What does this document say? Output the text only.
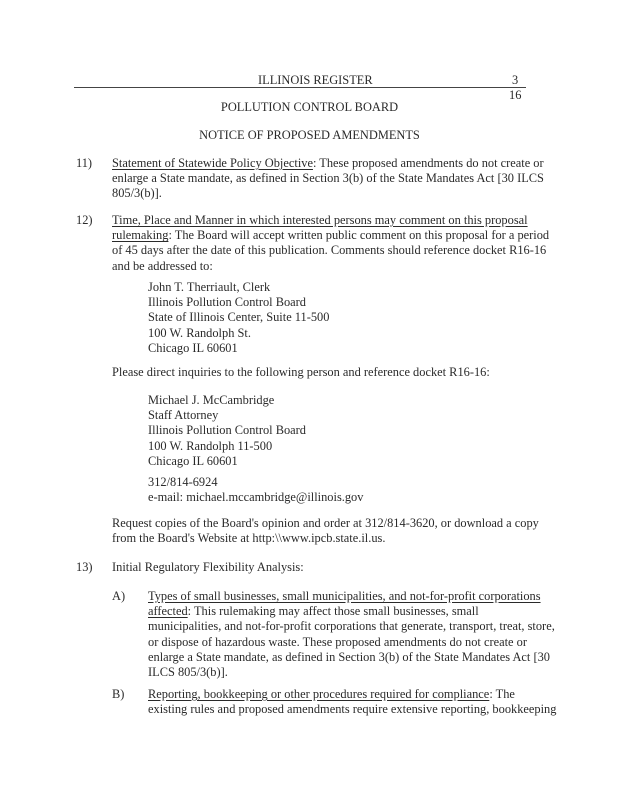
ILLINOIS REGISTER	3
16
POLLUTION CONTROL BOARD
NOTICE OF PROPOSED AMENDMENTS
11) Statement of Statewide Policy Objective: These proposed amendments do not create or
enlarge a State mandate, as defined in Section 3(b) of the State Mandates Act [30 ILCS
805/3(b)].
12) Time, Place and Manner in which interested persons may comment on this proposal
rulemaking: The Board will accept written public comment on this proposal for a period
of 45 days after the date of this publication. Comments should reference docket R16-16
and be addressed to:
John T. Therriault, Clerk
Illinois Pollution Control Board
State of Illinois Center, Suite 11-500
100 W. Randolph St.
Chicago IL 60601
Please direct inquiries to the following person and reference docket R16-16:
Michael J. McCambridge
Staff Attorney
Illinois Pollution Control Board
100 W. Randolph 11-500
Chicago IL 60601
312/814-6924
e-mail: michael.mccambridge@illinois.gov
Request copies of the Board's opinion and order at 312/814-3620, or download a copy
from the Board's Website at http:\\www.ipcb.state.il.us.
13) Initial Regulatory Flexibility Analysis:
A) Types of small businesses, small municipalities, and not-for-profit corporations
affected: This rulemaking may affect those small businesses, small
municipalities, and not-for-profit corporations that generate, transport, treat, store,
or dispose of hazardous waste. These proposed amendments do not create or
enlarge a State mandate, as defined in Section 3(b) of the State Mandates Act [30
ILCS 805/3(b)].
B) Reporting, bookkeeping or other procedures required for compliance: The
existing rules and proposed amendments require extensive reporting, bookkeeping
